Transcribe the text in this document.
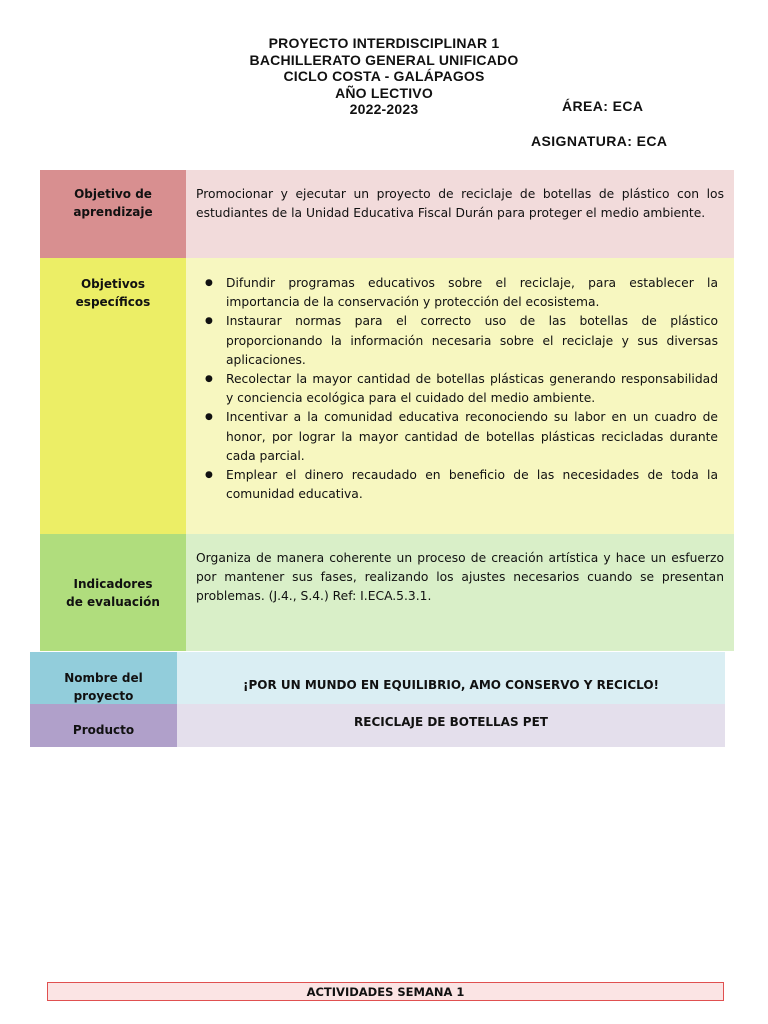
PROYECTO INTERDISCIPLINAR 1
BACHILLERATO GENERAL UNIFICADO
CICLO COSTA - GALÁPAGOS
AÑO LECTIVO
2022-2023	ÁREA: ECA
ASIGNATURA: ECA
Objetivo de aprendizaje
Promocionar y ejecutar un proyecto de reciclaje de botellas de plástico con los estudiantes de la Unidad Educativa Fiscal Durán para proteger el medio ambiente.
Objetivos específicos
● Difundir programas educativos sobre el reciclaje, para establecer la importancia de la conservación y protección del ecosistema.
● Instaurar normas para el correcto uso de las botellas de plástico proporcionando la información necesaria sobre el reciclaje y sus diversas aplicaciones.
● Recolectar la mayor cantidad de botellas plásticas generando responsabilidad y conciencia ecológica para el cuidado del medio ambiente.
● Incentivar a la comunidad educativa reconociendo su labor en un cuadro de honor, por lograr la mayor cantidad de botellas plásticas recicladas durante cada parcial.
● Emplear el dinero recaudado en beneficio de las necesidades de toda la comunidad educativa.
Indicadores de evaluación
Organiza de manera coherente un proceso de creación artística y hace un esfuerzo por mantener sus fases, realizando los ajustes necesarios cuando se presentan problemas. (J.4., S.4.) Ref: I.ECA.5.3.1.
Nombre del proyecto
¡POR UN MUNDO EN EQUILIBRIO, AMO CONSERVO Y RECICLO!
Producto
RECICLAJE DE BOTELLAS PET
ACTIVIDADES SEMANA 1
